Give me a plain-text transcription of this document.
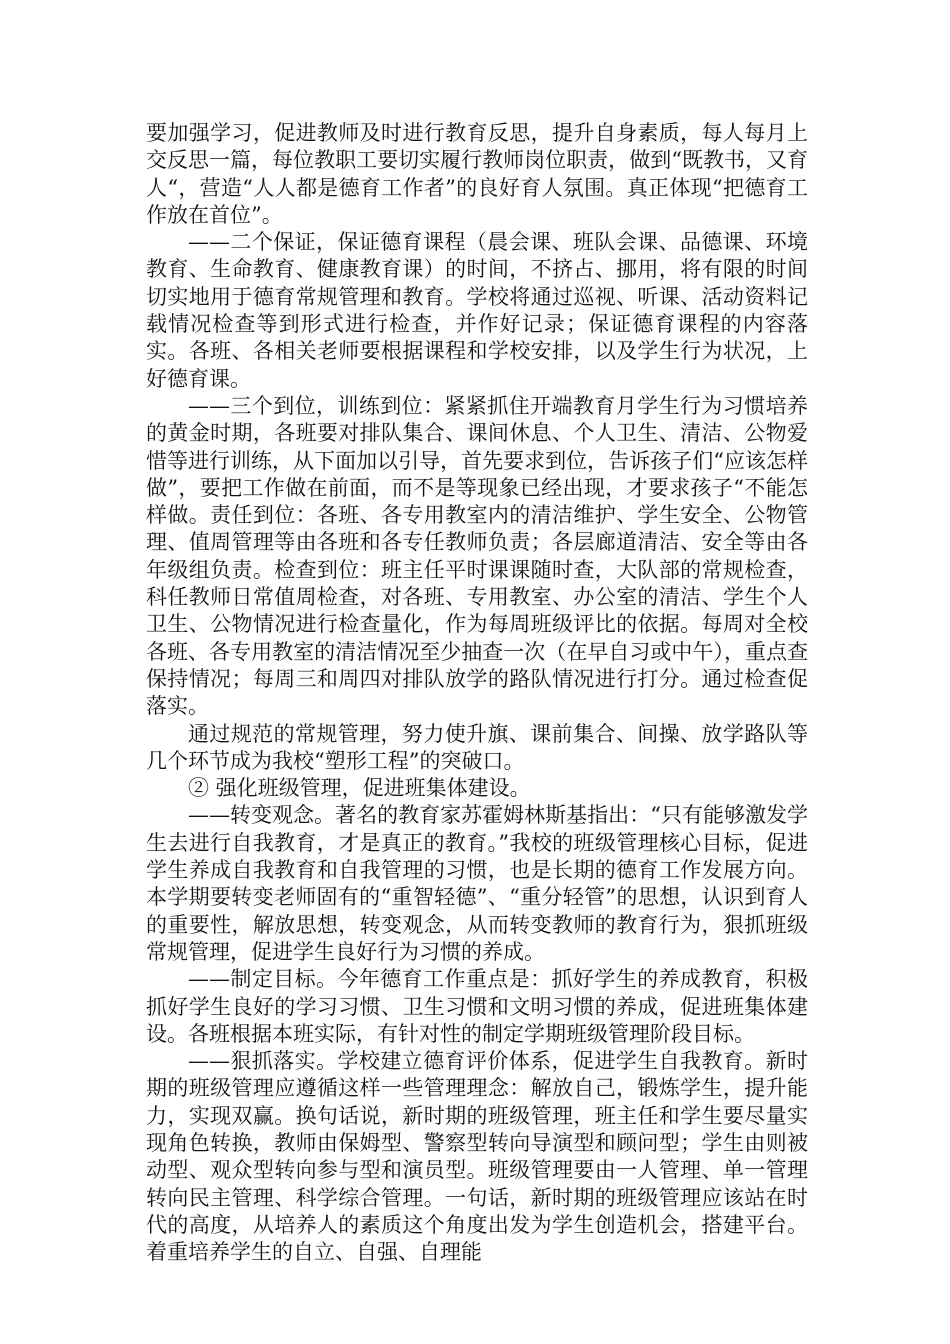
要加强学习，促进教师及时进行教育反思，提升自身素质，每人每月上交反思一篇，每位教职工要切实履行教师岗位职责，做到“既教书，又育人“，营造“人人都是德育工作者”的良好育人氛围。真正体现“把德育工作放在首位”。

——二个保证，保证德育课程（晨会课、班队会课、品德课、环境教育、生命教育、健康教育课）的时间，不挤占、挪用，将有限的时间切实地用于德育常规管理和教育。学校将通过巡视、听课、活动资料记载情况检查等到形式进行检查，并作好记录；保证德育课程的内容落实。各班、各相关老师要根据课程和学校安排，以及学生行为状况，上好德育课。

——三个到位，训练到位：紧紧抓住开端教育月学生行为习惯培养的黄金时期，各班要对排队集合、课间休息、个人卫生、清洁、公物爱惜等进行训练，从下面加以引导，首先要求到位，告诉孩子们“应该怎样做”，要把工作做在前面，而不是等现象已经出现，才要求孩子“不能怎样做。责任到位：各班、各专用教室内的清洁维护、学生安全、公物管理、值周管理等由各班和各专任教师负责；各层廊道清洁、安全等由各年级组负责。检查到位：班主任平时课课随时查，大队部的常规检查，科任教师日常值周检查，对各班、专用教室、办公室的清洁、学生个人卫生、公物情况进行检查量化，作为每周班级评比的依据。每周对全校各班、各专用教室的清洁情况至少抽查一次（在早自习或中午），重点查保持情况；每周三和周四对排队放学的路队情况进行打分。通过检查促落实。

通过规范的常规管理，努力使升旗、课前集合、间操、放学路队等几个环节成为我校“塑形工程”的突破口。

② 强化班级管理，促进班集体建设。

——转变观念。著名的教育家苏霍姆林斯基指出：“只有能够激发学生去进行自我教育，才是真正的教育。”我校的班级管理核心目标，促进学生养成自我教育和自我管理的习惯，也是长期的德育工作发展方向。本学期要转变老师固有的“重智轻德”、“重分轻管”的思想，认识到育人的重要性，解放思想，转变观念，从而转变教师的教育行为，狠抓班级常规管理，促进学生良好行为习惯的养成。

——制定目标。今年德育工作重点是：抓好学生的养成教育，积极抓好学生良好的学习习惯、卫生习惯和文明习惯的养成，促进班集体建设。各班根据本班实际，有针对性的制定学期班级管理阶段目标。

——狠抓落实。学校建立德育评价体系，促进学生自我教育。新时期的班级管理应遵循这样一些管理理念：解放自己，锻炼学生，提升能力，实现双赢。换句话说，新时期的班级管理，班主任和学生要尽量实现角色转换，教师由保姆型、警察型转向导演型和顾问型；学生由则被动型、观众型转向参与型和演员型。班级管理要由一人管理、单一管理转向民主管理、科学综合管理。一句话，新时期的班级管理应该站在时代的高度，从培养人的素质这个角度出发为学生创造机会，搭建平台。着重培养学生的自立、自强、自理能
